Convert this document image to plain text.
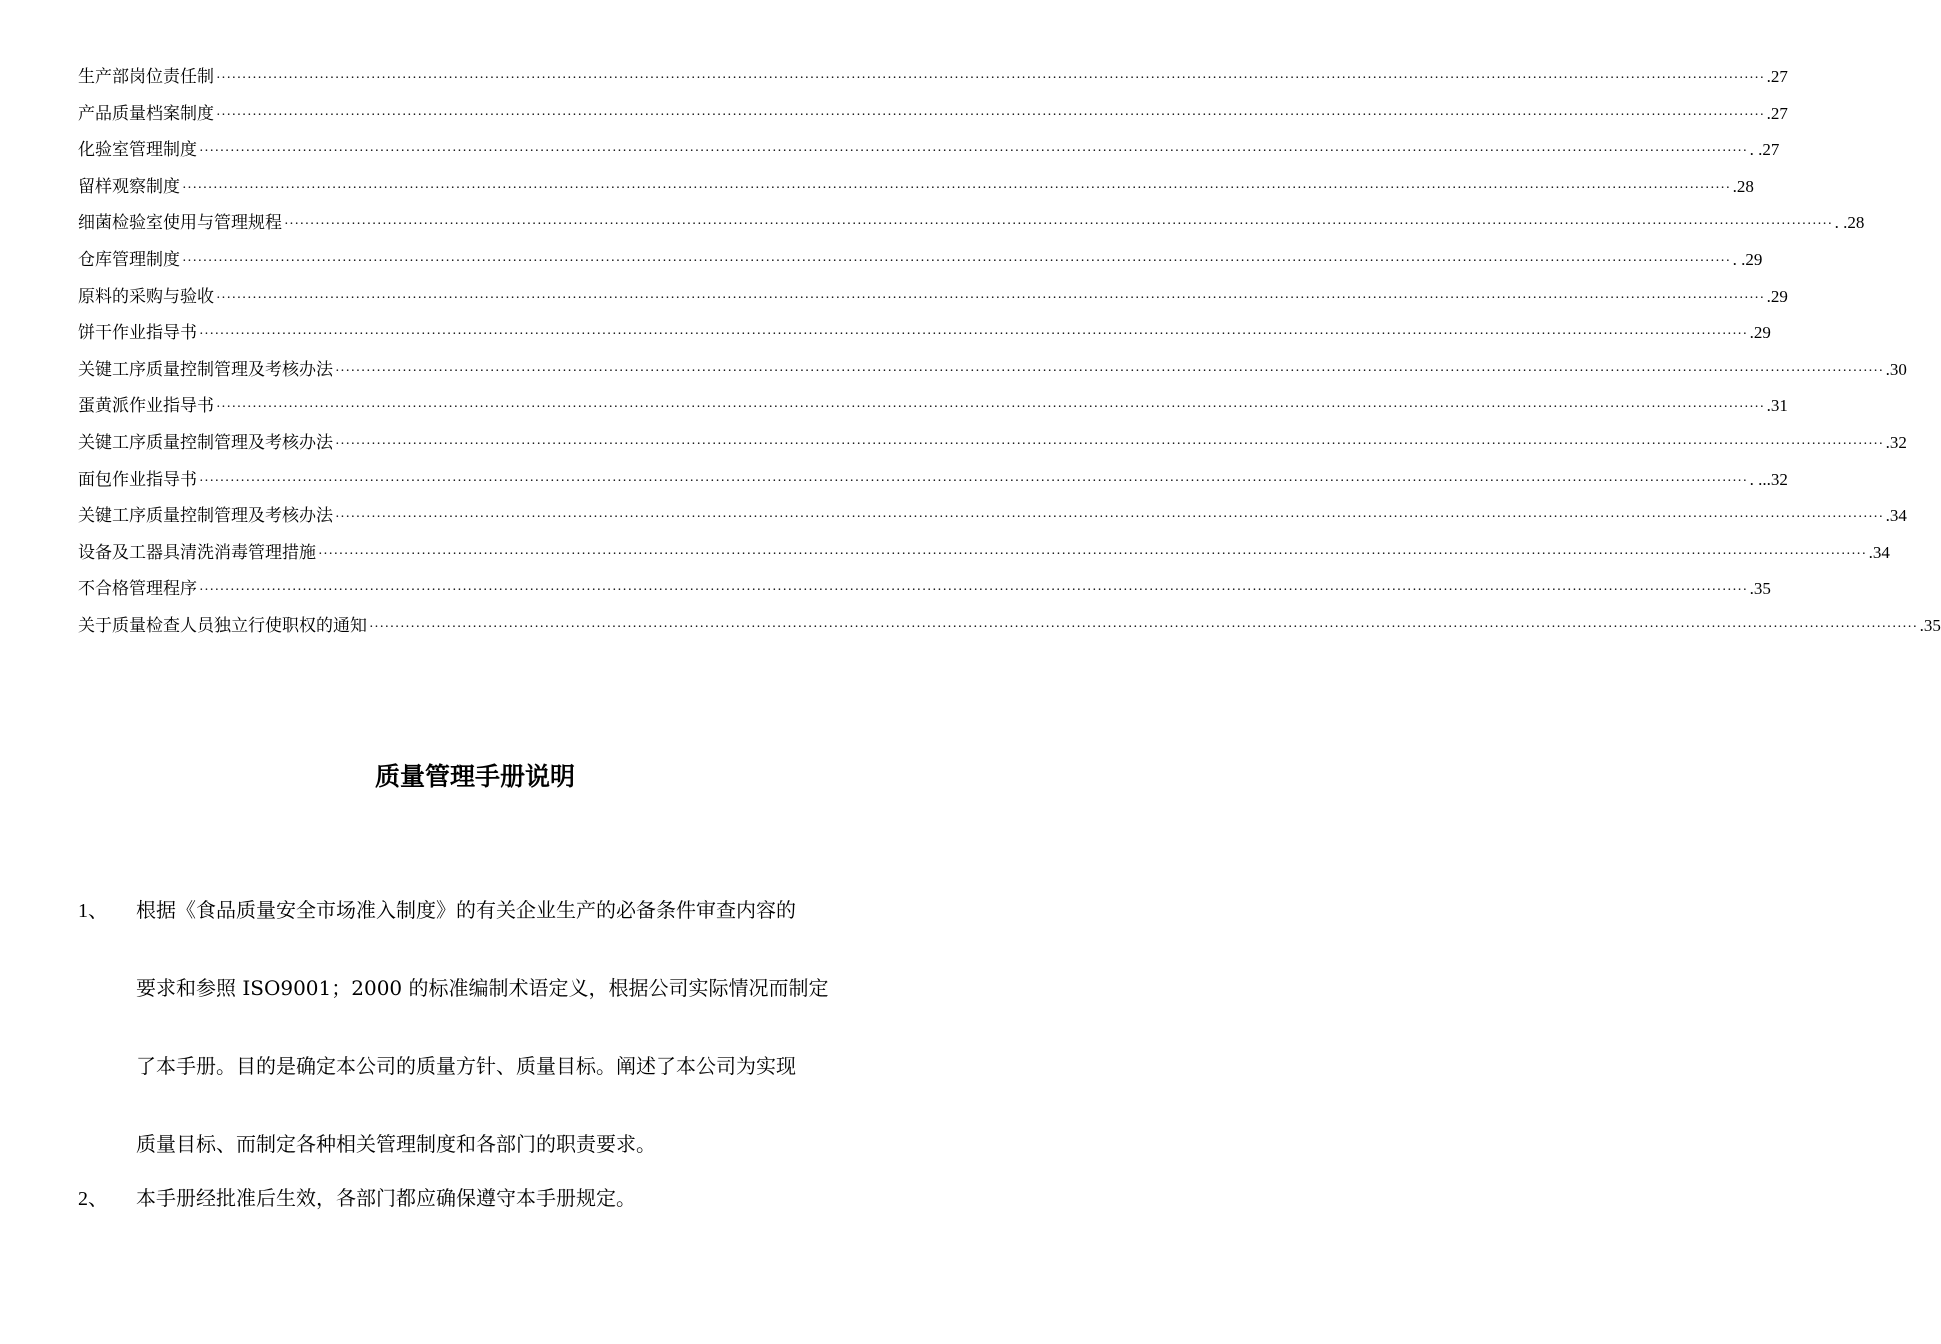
生产部岗位责任制 ············································································································································································································································································································ .27
产品质量档案制度 ············································································································································································································································································································ .27
化验室管理制度 ············································································································································································································································································································ . .27
留样观察制度 ············································································································································································································································································································ .28
细菌检验室使用与管理规程 ············································································································································································································································································································ . .28
仓库管理制度 ············································································································································································································································································································ . .29
原料的采购与验收 ············································································································································································································································································································ .29
饼干作业指导书 ············································································································································································································································································································ .29
关键工序质量控制管理及考核办法 ············································································································································································································································································································ .30
蛋黄派作业指导书 ············································································································································································································································································································ .31
关键工序质量控制管理及考核办法 ············································································································································································································································································································ .32
面包作业指导书 ············································································································································································································································································································ . ...32
关键工序质量控制管理及考核办法 ············································································································································································································································································································ .34
设备及工器具清洗消毒管理措施 ············································································································································································································································································································ .34
不合格管理程序 ············································································································································································································································································································ .35
关于质量检查人员独立行使职权的通知 ············································································································································································································································································································ .35
质量管理手册说明
1、 根据《食品质量安全市场准入制度》的有关企业生产的必备条件审查内容的
要求和参照 ISO9001；2000 的标准编制术语定义，根据公司实际情况而制定
了本手册。目的是确定本公司的质量方针、质量目标。阐述了本公司为实现
质量目标、而制定各种相关管理制度和各部门的职责要求。
2、 本手册经批准后生效，各部门都应确保遵守本手册规定。
